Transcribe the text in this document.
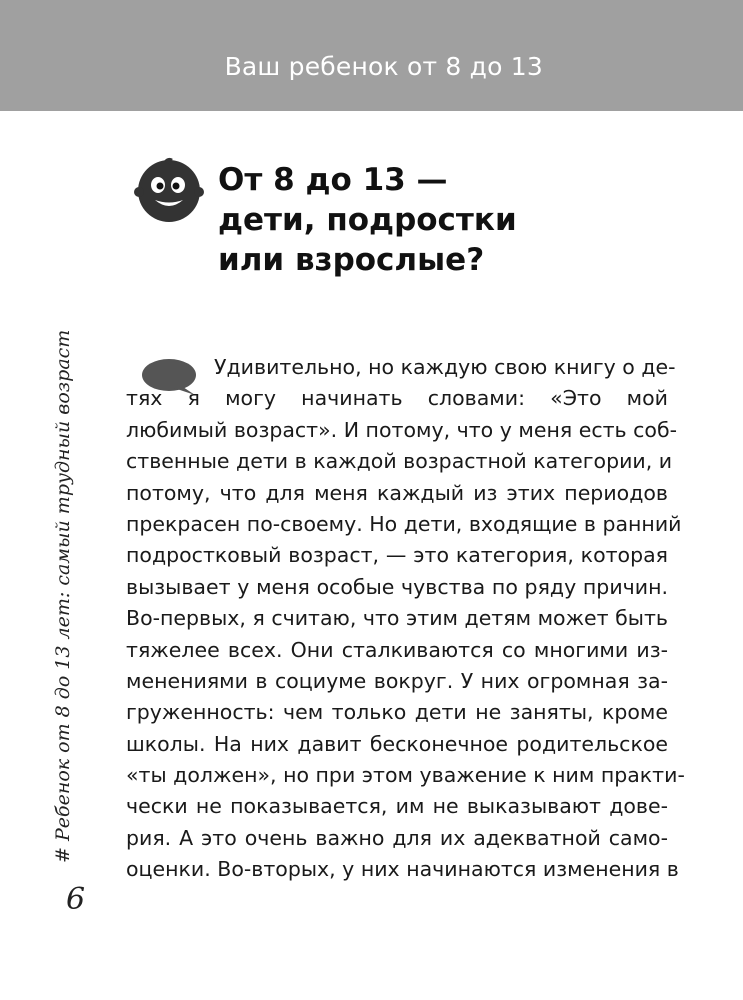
Ваш ребенок от 8 до 13
От 8 до 13 —
дети, подростки
или взрослые?
Удивительно, но каждую свою книгу о де-
тях я могу начинать словами: «Это мой
любимый возраст». И потому, что у меня есть соб-
ственные дети в каждой возрастной категории, и
потому, что для меня каждый из этих периодов
прекрасен по-своему. Но дети, входящие в ранний
подростковый возраст, — это категория, которая
вызывает у меня особые чувства по ряду причин.
Во-первых, я считаю, что этим детям может быть
тяжелее всех. Они сталкиваются со многими из-
менениями в социуме вокруг. У них огромная за-
груженность: чем только дети не заняты, кроме
школы. На них давит бесконечное родительское
«ты должен», но при этом уважение к ним практи-
чески не показывается, им не выказывают дове-
рия. А это очень важно для их адекватной само-
оценки. Во-вторых, у них начинаются изменения в
# Ребенок от 8 до 13 лет: самый трудный возраст
6
